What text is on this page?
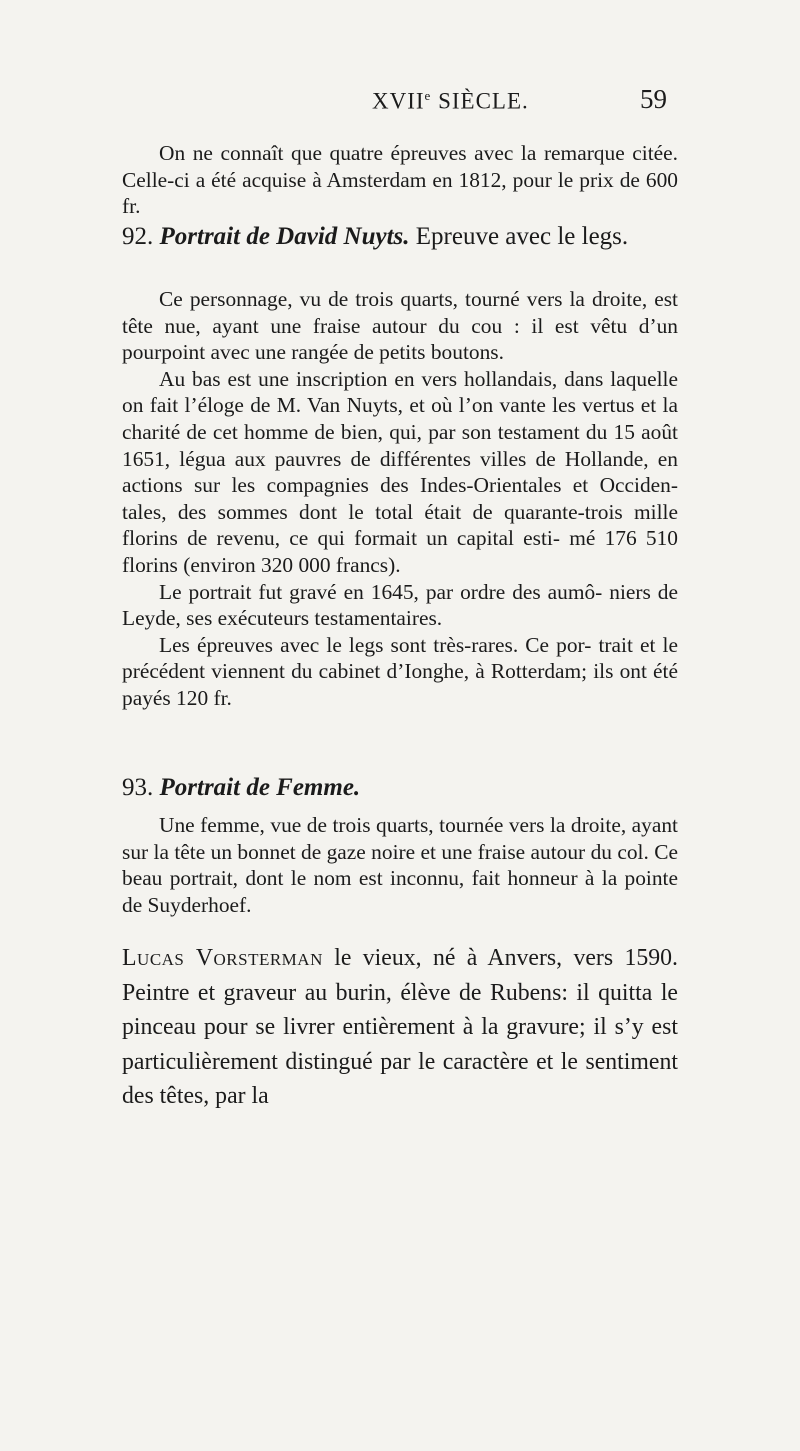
XVIIe SIÈCLE.	59

On ne connaît que quatre épreuves avec la remarque citée. Celle-ci a été acquise à Amsterdam en 1812, pour le prix de 600 fr.

92. Portrait de David Nuyts. Epreuve avec le legs.

Ce personnage, vu de trois quarts, tourné vers la droite, est tête nue, ayant une fraise autour du cou : il est vêtu d’un pourpoint avec une rangée de petits boutons.

Au bas est une inscription en vers hollandais, dans laquelle on fait l’éloge de M. Van Nuyts, et où l’on vante les vertus et la charité de cet homme de bien, qui, par son testament du 15 août 1651, légua aux pauvres de différentes villes de Hollande, en actions sur les compagnies des Indes-Orientales et Occiden- tales, des sommes dont le total était de quarante-trois mille florins de revenu, ce qui formait un capital esti- mé 176 510 florins (environ 320 000 francs).

Le portrait fut gravé en 1645, par ordre des aumô- niers de Leyde, ses exécuteurs testamentaires.

Les épreuves avec le legs sont très-rares. Ce por- trait et le précédent viennent du cabinet d’Ionghe, à Rotterdam; ils ont été payés 120 fr.

93. Portrait de Femme.

Une femme, vue de trois quarts, tournée vers la droite, ayant sur la tête un bonnet de gaze noire et une fraise autour du col. Ce beau portrait, dont le nom est inconnu, fait honneur à la pointe de Suyderhoef.

Lucas Vorsterman le vieux, né à Anvers, vers 1590. Peintre et graveur au burin, élève de Rubens: il quitta le pinceau pour se livrer entièrement à la gravure; il s’y est particulièrement distingué par le caractère et le sentiment des têtes, par la
